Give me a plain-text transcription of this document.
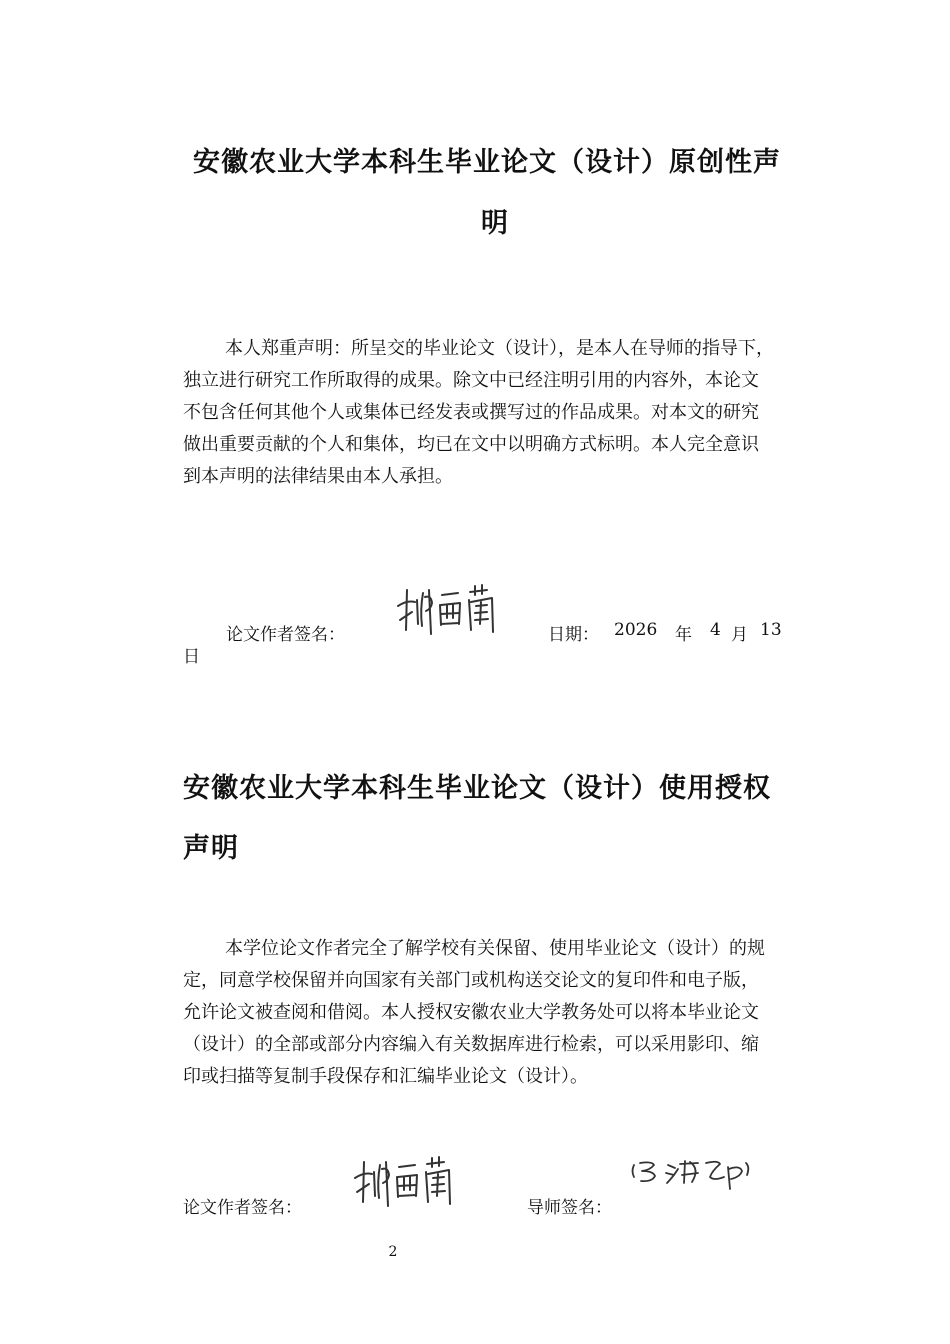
安徽农业大学本科生毕业论文（设计）原创性声
明
本人郑重声明：所呈交的毕业论文（设计），是本人在导师的指导下，
独立进行研究工作所取得的成果。除文中已经注明引用的内容外，本论文
不包含任何其他个人或集体已经发表或撰写过的作品成果。对本文的研究
做出重要贡献的个人和集体，均已在文中以明确方式标明。本人完全意识
到本声明的法律结果由本人承担。
论文作者签名：	日期： 2026 年 4 月 13
日
安徽农业大学本科生毕业论文（设计）使用授权
声明
本学位论文作者完全了解学校有关保留、使用毕业论文（设计）的规
定，同意学校保留并向国家有关部门或机构送交论文的复印件和电子版，
允许论文被查阅和借阅。本人授权安徽农业大学教务处可以将本毕业论文
（设计）的全部或部分内容编入有关数据库进行检索，可以采用影印、缩
印或扫描等复制手段保存和汇编毕业论文（设计）。
论文作者签名：	导师签名：
2
